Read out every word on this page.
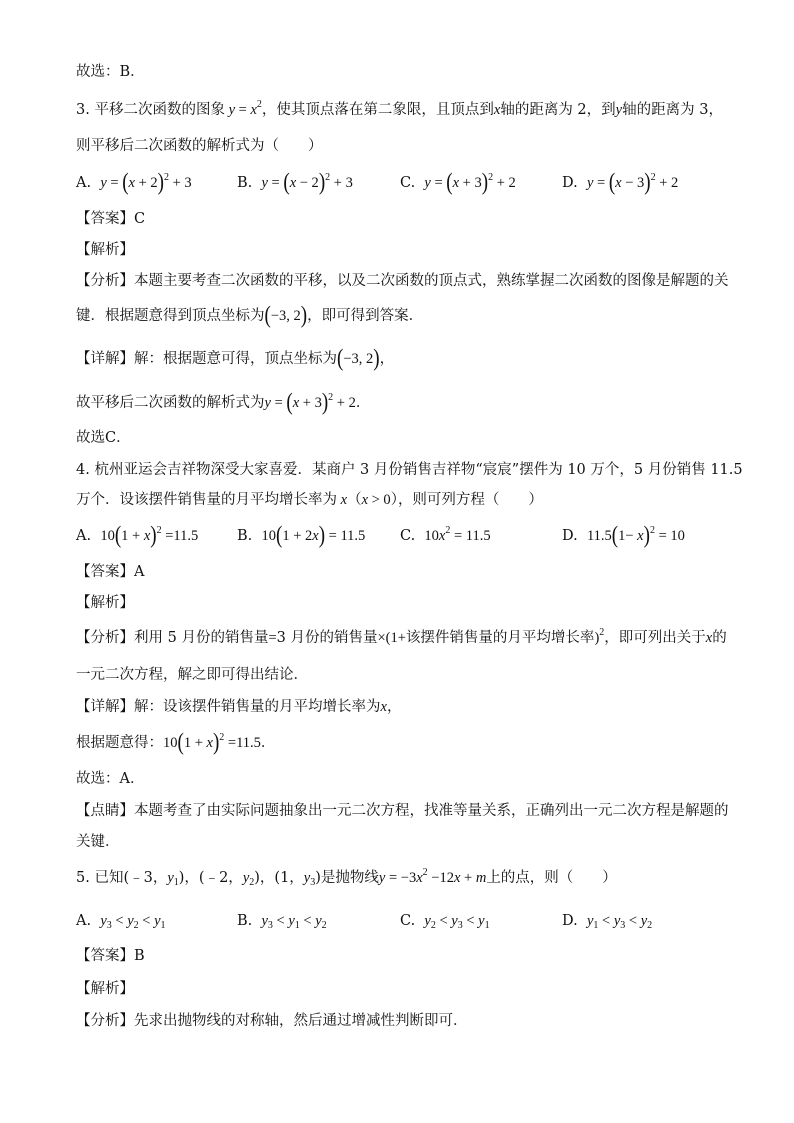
故选：B．
3. 平移二次函数的图象 $y = x^2$，使其顶点落在第二象限，且顶点到x轴的距离为 2，到y轴的距离为 3，
则平移后二次函数的解析式为（　　）
A. $y = (x + 2)^2 + 3$	B. $y = (x - 2)^2 + 3$	C. $y = (x + 3)^2 + 2$	D. $y = (x - 3)^2 + 2$
【答案】C
【解析】
【分析】本题主要考查二次函数的平移，以及二次函数的顶点式，熟练掌握二次函数的图像是解题的关
键．根据题意得到顶点坐标为(−3, 2)，即可得到答案．
【详解】解：根据题意可得，顶点坐标为(−3, 2)，
故平移后二次函数的解析式为$y = (x + 3)^2 + 2$．
故选C．
4. 杭州亚运会吉祥物深受大家喜爱．某商户 3 月份销售吉祥物“宸宸”摆件为 10 万个，5 月份销售 11.5
万个．设该摆件销售量的月平均增长率为 x（x > 0），则可列方程（　　）
A. $10(1 + x)^2 =11.5$	B. 10(1 + 2x) = 11.5 C. $10x^2 = 11.5$	D. $11.5(1- x)^2 = 10$
【答案】A
【解析】
【分析】利用 5 月份的销售量=3 月份的销售量×(1+该摆件销售量的月平均增长率)$^2$，即可列出关于x的
一元二次方程，解之即可得出结论．
【详解】解：设该摆件销售量的月平均增长率为x，
根据题意得：$10(1 + x)^2 =11.5$．
故选：A．
【点睛】本题考查了由实际问题抽象出一元二次方程，找准等量关系，正确列出一元二次方程是解题的
关键．
5. 已知(﹣3，$y_1$)，(﹣2，$y_2$)，(1，$y_3$)是抛物线$y = -3x^2 -12x + m$上的点，则（　　）
A. $y_3 < y_2 < y_1$	B. $y_3 < y_1 < y_2$	C. $y_2 < y_3 < y_1$	D. $y_1 < y_3 < y_2$
【答案】B
【解析】
【分析】先求出抛物线的对称轴，然后通过增减性判断即可．
